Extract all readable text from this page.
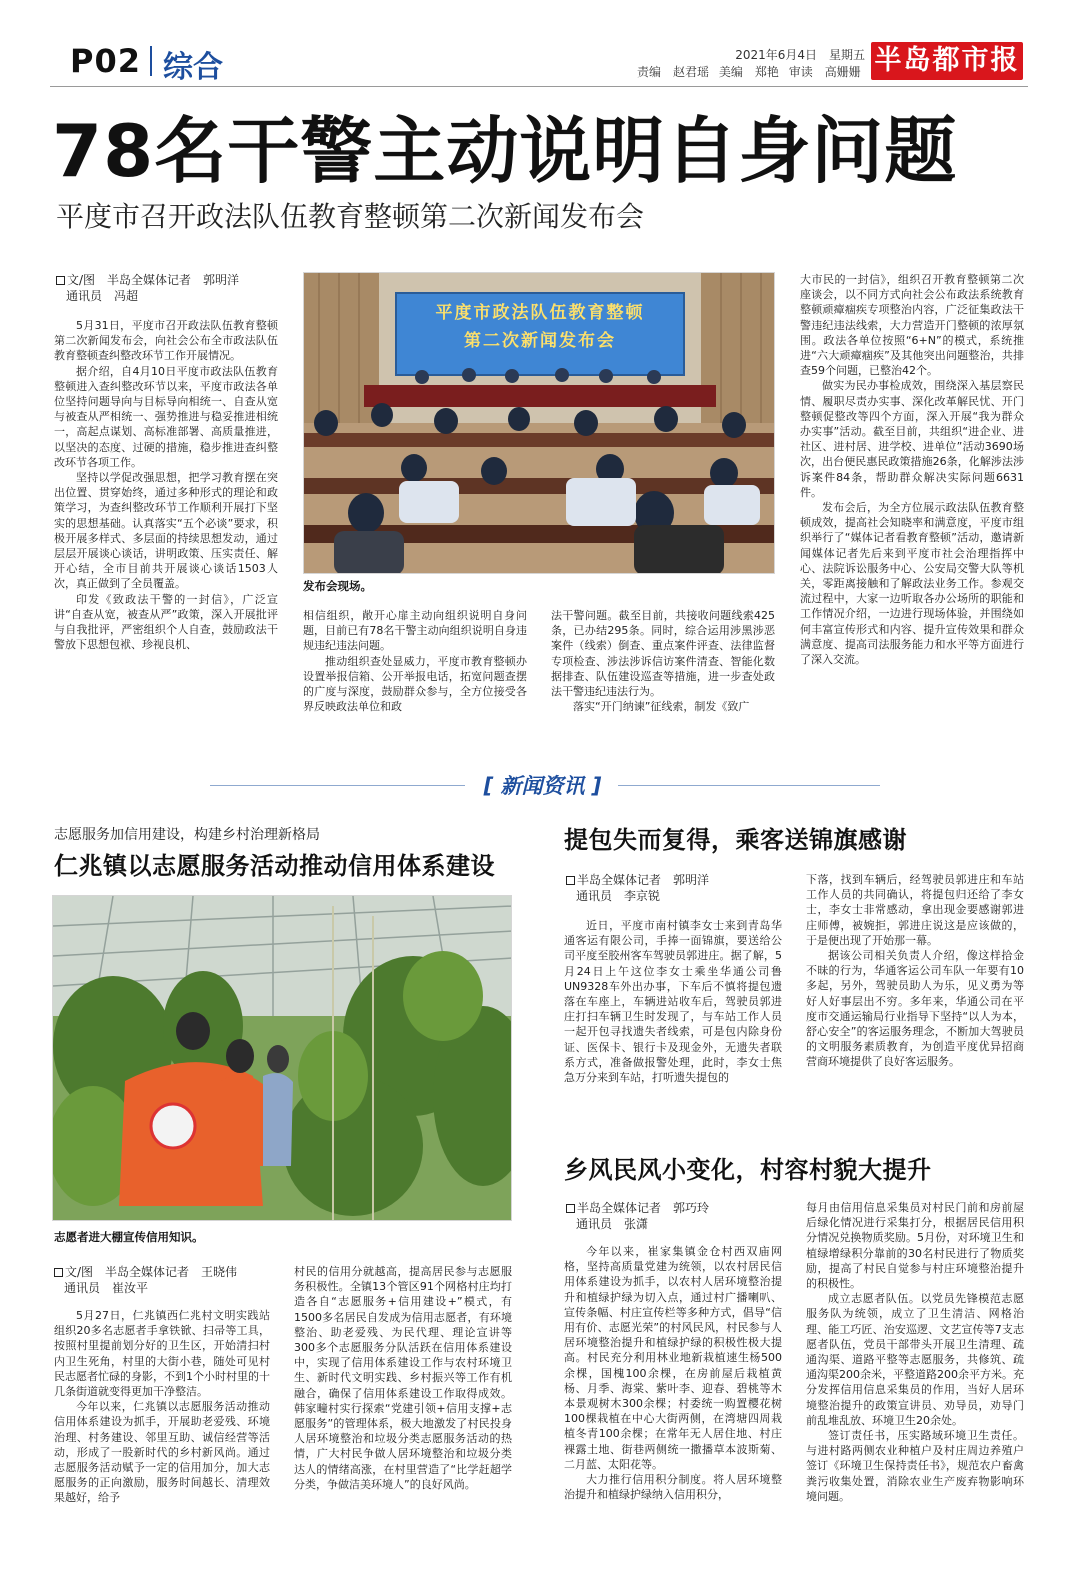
P02 综合	2021年6月4日　星期五
责编　赵君瑶 美编　郑艳 审读　高姗姗 半岛都市报
78名干警主动说明自身问题
平度市召开政法队伍教育整顿第二次新闻发布会
文/图　半岛全媒体记者　郭明洋
通讯员　冯超
平度市政法队伍教育整顿
第二次新闻发布会
发布会现场。

5月31日，平度市召开政法队伍教育整顿第二次新闻发布会，向社会公布全市政法队伍教育整顿查纠整改环节工作开展情况。

据介绍，自4月10日平度市政法队伍教育整顿进入查纠整改环节以来，平度市政法各单位坚持问题导向与目标导向相统一、自查从宽与被查从严相统一、强势推进与稳妥推进相统一，高起点谋划、高标准部署、高质量推进，以坚决的态度、过硬的措施，稳步推进查纠整改环节各项工作。

坚持以学促改强思想，把学习教育摆在突出位置、贯穿始终，通过多种形式的理论和政策学习，为查纠整改环节工作顺利开展打下坚实的思想基础。认真落实“五个必谈”要求，积极开展多样式、多层面的持续思想发动，通过层层开展谈心谈话，讲明政策、压实责任、解开心结，全市目前共开展谈心谈话1503人次，真正做到了全员覆盖。

印发《致政法干警的一封信》，广泛宣讲“自查从宽，被查从严”政策，深入开展批评与自我批评，严密组织个人自查，鼓励政法干警放下思想包袱、珍视良机、

相信组织，敞开心扉主动向组织说明自身问题，目前已有78名干警主动向组织说明自身违规违纪违法问题。

推动组织查处显威力，平度市教育整顿办设置举报信箱、公开举报电话，拓宽问题查摆的广度与深度，鼓励群众参与，全方位接受各界反映政法单位和政

法干警问题。截至目前，共接收问题线索425条，已办结295条。同时，综合运用涉黑涉恶案件（线索）倒查、重点案件评查、法律监督专项检查、涉法涉诉信访案件清查、智能化数据排查、队伍建设巡查等措施，进一步查处政法干警违纪违法行为。

落实“开门纳谏”征线索，制发《致广

大市民的一封信》，组织召开教育整顿第二次座谈会，以不同方式向社会公布政法系统教育整顿顽瘴痼疾专项整治内容，广泛征集政法干警违纪违法线索，大力营造开门整顿的浓厚氛围。政法各单位按照“6+N”的模式，系统推进“六大顽瘴痼疾”及其他突出问题整治，共排查59个问题，已整治42个。

做实为民办事检成效，围绕深入基层察民情、履职尽责办实事、深化改革解民忧、开门整顿促整改等四个方面，深入开展“我为群众办实事”活动。截至目前，共组织“进企业、进社区、进村居、进学校、进单位”活动3690场次，出台便民惠民政策措施26条，化解涉法涉诉案件84条，帮助群众解决实际问题6631件。

发布会后，为全方位展示政法队伍教育整顿成效，提高社会知晓率和满意度，平度市组织举行了“媒体记者看教育整顿”活动，邀请新闻媒体记者先后来到平度市社会治理指挥中心、法院诉讼服务中心、公安局交警大队等机关，零距离接触和了解政法业务工作。参观交流过程中，大家一边听取各办公场所的职能和工作情况介绍，一边进行现场体验，并围绕如何丰富宣传形式和内容、提升宣传效果和群众满意度、提高司法服务能力和水平等方面进行了深入交流。

[ 新闻资讯 ]
志愿服务加信用建设，构建乡村治理新格局
仁兆镇以志愿服务活动推动信用体系建设
志愿者进大棚宣传信用知识。
文/图　半岛全媒体记者　王晓伟
通讯员　崔汝平

5月27日，仁兆镇西仁兆村文明实践站组织20多名志愿者手拿铁锨、扫帚等工具，按照村里提前划分好的卫生区，开始清扫村内卫生死角，村里的大街小巷，随处可见村民志愿者忙碌的身影，不到1个小时村里的十几条街道就变得更加干净整洁。

今年以来，仁兆镇以志愿服务活动推动信用体系建设为抓手，开展助老爱残、环境治理、村务建设、邻里互助、诚信经营等活动，形成了一股新时代的乡村新风尚。通过志愿服务活动赋予一定的信用加分，加大志愿服务的正向激励，服务时间越长、清理效果越好，给予

村民的信用分就越高，提高居民参与志愿服务积极性。全镇13个管区91个网格村庄均打造各自“志愿服务+信用建设+”模式，有1500多名居民自发成为信用志愿者，有环境整治、助老爱残、为民代理、理论宣讲等300多个志愿服务分队活跃在信用体系建设中，实现了信用体系建设工作与农村环境卫生、新时代文明实践、乡村振兴等工作有机融合，确保了信用体系建设工作取得成效。韩家疃村实行探索“党建引领+信用支撑+志愿服务”的管理体系，极大地激发了村民投身人居环境整治和垃圾分类志愿服务活动的热情，广大村民争做人居环境整治和垃圾分类达人的情绪高涨，在村里营造了“比学赶超学分类，争做洁美环境人”的良好风尚。

提包失而复得，乘客送锦旗感谢
半岛全媒体记者　郭明洋
通讯员　李京锐

近日，平度市南村镇李女士来到青岛华通客运有限公司，手捧一面锦旗，要送给公司平度至胶州客车驾驶员郭进庄。据了解，5月24日上午这位李女士乘坐华通公司鲁UN9328车外出办事，下车后不慎将提包遗落在车座上，车辆进站收车后，驾驶员郭进庄打扫车辆卫生时发现了，与车站工作人员一起开包寻找遗失者线索，可是包内除身份证、医保卡、银行卡及现金外，无遗失者联系方式，准备做报警处理，此时，李女士焦急万分来到车站，打听遗失提包的

下落，找到车辆后，经驾驶员郭进庄和车站工作人员的共同确认，将提包归还给了李女士，李女士非常感动，拿出现金要感谢郭进庄师傅，被婉拒，郭进庄说这是应该做的，于是便出现了开始那一幕。

据该公司相关负责人介绍，像这样拾金不昧的行为，华通客运公司车队一年要有10多起，另外，驾驶员助人为乐，见义勇为等好人好事层出不穷。多年来，华通公司在平度市交通运输局行业指导下坚持“以人为本，舒心安全”的客运服务理念，不断加大驾驶员的文明服务素质教育，为创造平度优异招商营商环境提供了良好客运服务。

乡风民风小变化，村容村貌大提升
半岛全媒体记者　郭巧玲
通讯员　张潇

今年以来，崔家集镇金仓村西双庙网格，坚持高质量党建为统领，以农村居民信用体系建设为抓手，以农村人居环境整治提升和植绿护绿为切入点，通过村广播喇叭、宣传条幅、村庄宣传栏等多种方式，倡导“信用有价、志愿光荣”的村风民风，村民参与人居环境整治提升和植绿护绿的积极性极大提高。村民充分利用林业地新栽植速生杨500余棵，国槐100余棵，在房前屋后栽植黄杨、月季、海棠、紫叶李、迎春、碧桃等木本景观树木300余棵；村委统一购置樱花树100棵栽植在中心大街两侧，在湾塘四周栽植冬青100余棵；在常年无人居住地、村庄裸露土地、街巷两侧统一撒播草本波斯菊、二月蓝、太阳花等。

大力推行信用积分制度。将人居环境整治提升和植绿护绿纳入信用积分，

每月由信用信息采集员对村民门前和房前屋后绿化情况进行采集打分，根据居民信用积分情况兑换物质奖励。5月份，对环境卫生和植绿增绿积分靠前的30名村民进行了物质奖励，提高了村民自觉参与村庄环境整治提升的积极性。

成立志愿者队伍。以党员先锋模范志愿服务队为统领，成立了卫生清洁、网格治理、能工巧匠、治安巡逻、文艺宣传等7支志愿者队伍，党员干部带头开展卫生清理、疏通沟渠、道路平整等志愿服务，共修筑、疏通沟渠200余米，平整道路200余平方米。充分发挥信用信息采集员的作用，当好人居环境整治提升的政策宣讲员、劝导员，劝导门前乱堆乱放、环境卫生20余处。

签订责任书，压实路域环境卫生责任。与进村路两侧农业种植户及村庄周边养殖户签订《环境卫生保持责任书》，规范农户畜禽粪污收集处置，消除农业生产废弃物影响环境问题。
